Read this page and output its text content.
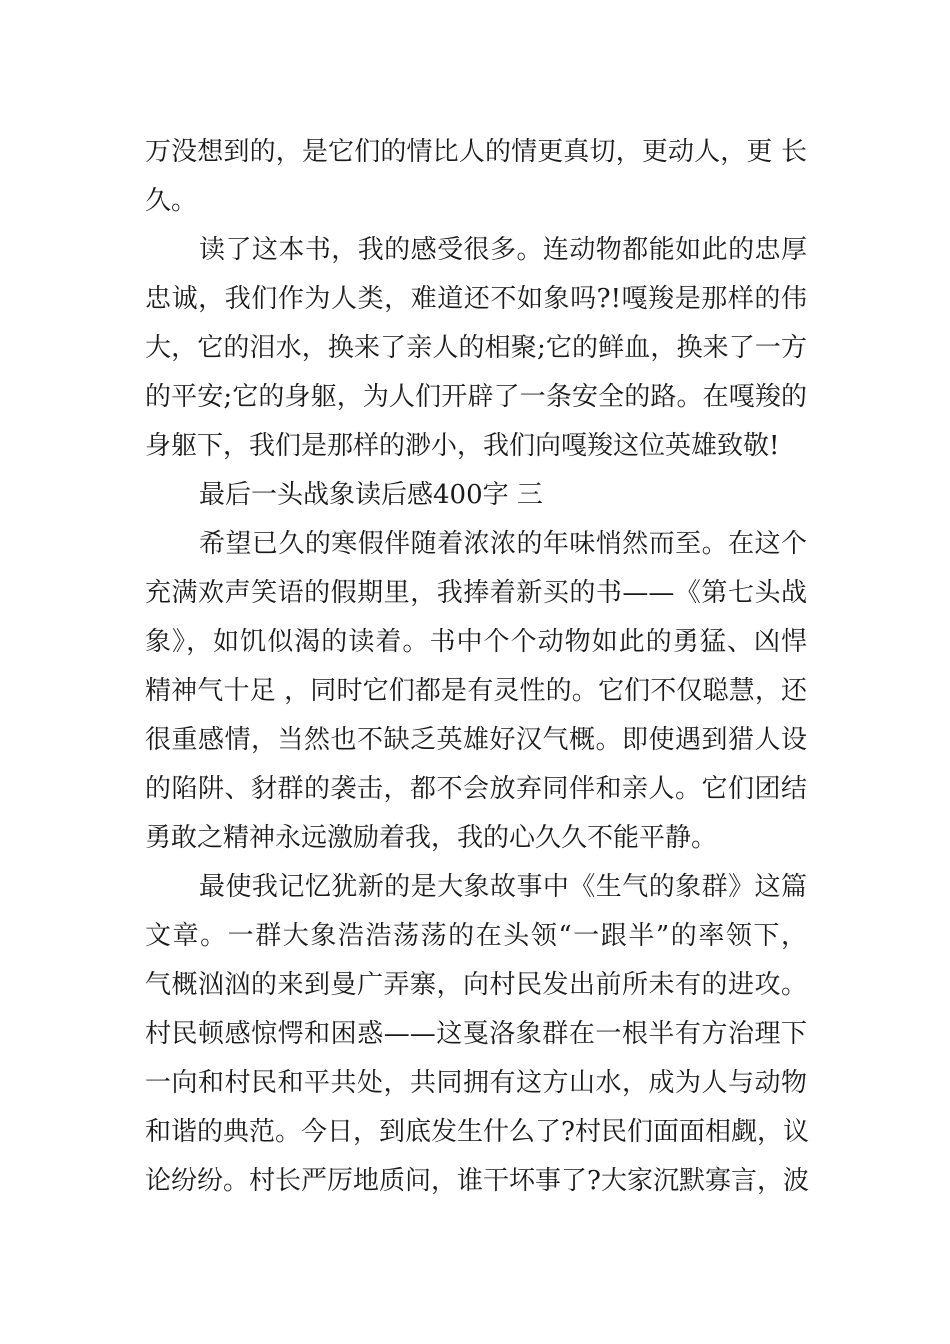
万没想到的，是它们的情比人的情更真切，更动人，更 长
久。
读了这本书，我的感受很多。连动物都能如此的忠厚
忠诚，我们作为人类，难道还不如象吗?!嘎羧是那样的伟
大，它的泪水，换来了亲人的相聚;它的鲜血，换来了一方
的平安;它的身躯，为人们开辟了一条安全的路。在嘎羧的
身躯下，我们是那样的渺小，我们向嘎羧这位英雄致敬!
最后一头战象读后感400字 三
希望已久的寒假伴随着浓浓的年味悄然而至。在这个
充满欢声笑语的假期里，我捧着新买的书——《第七头战
象》，如饥似渴的读着。书中个个动物如此的勇猛、凶悍
精神气十足 ，同时它们都是有灵性的。它们不仅聪慧，还
很重感情，当然也不缺乏英雄好汉气概。即使遇到猎人设
的陷阱、豺群的袭击，都不会放弃同伴和亲人。它们团结
勇敢之精神永远激励着我，我的心久久不能平静。
最使我记忆犹新的是大象故事中《生气的象群》这篇
文章。一群大象浩浩荡荡的在头领“一跟半”的率领下，
气概汹汹的来到曼广弄寨，向村民发出前所未有的进攻。
村民顿感惊愕和困惑——这戛洛象群在一根半有方治理下
一向和村民和平共处，共同拥有这方山水，成为人与动物
和谐的典范。今日，到底发生什么了?村民们面面相觑，议
论纷纷。村长严厉地质问，谁干坏事了?大家沉默寡言，波
